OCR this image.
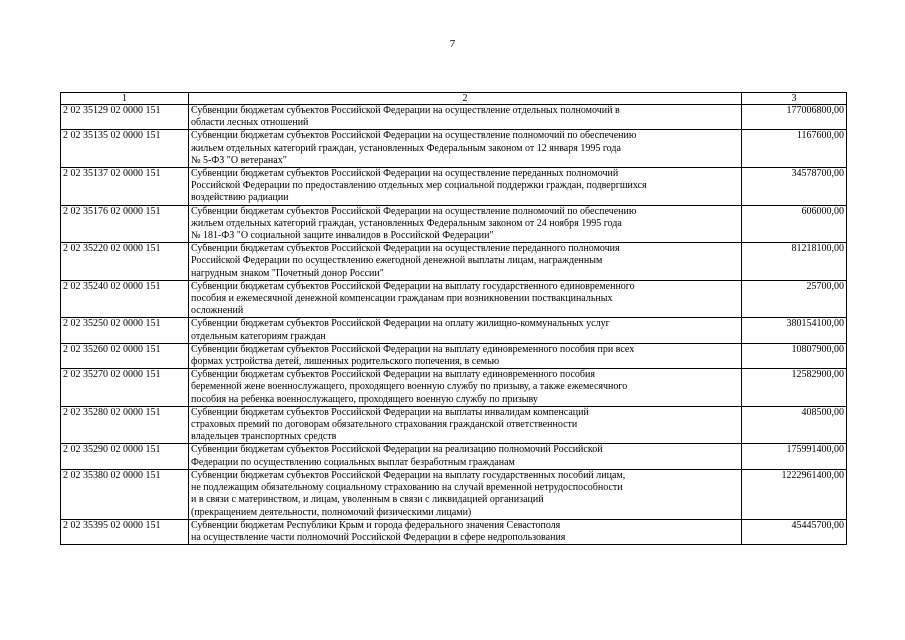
7
1	2	3
2 02 35129 02 0000 151	Субвенции бюджетам субъектов Российской Федерации на осуществление отдельных полномочий в
области лесных отношений	177006800,00
2 02 35135 02 0000 151	Субвенции бюджетам субъектов Российской Федерации на осуществление полномочий по обеспечению
жильем отдельных категорий граждан, установленных Федеральным законом от 12 января 1995 года
№ 5-ФЗ "О ветеранах"	1167600,00
2 02 35137 02 0000 151	Субвенции бюджетам субъектов Российской Федерации на осуществление переданных полномочий
Российской Федерации по предоставлению отдельных мер социальной поддержки граждан, подвергшихся
воздействию радиации	34578700,00
2 02 35176 02 0000 151	Субвенции бюджетам субъектов Российской Федерации на осуществление полномочий по обеспечению
жильем отдельных категорий граждан, установленных Федеральным законом от 24 ноября 1995 года
№ 181-ФЗ "О социальной защите инвалидов в Российской Федерации"	606000,00
2 02 35220 02 0000 151	Субвенции бюджетам субъектов Российской Федерации на осуществление переданного полномочия
Российской Федерации по осуществлению ежегодной денежной выплаты лицам, награжденным
нагрудным знаком "Почетный донор России"	81218100,00
2 02 35240 02 0000 151	Субвенции бюджетам субъектов Российской Федерации на выплату государственного единовременного
пособия и ежемесячной денежной компенсации гражданам при возникновении поствакцинальных
осложнений	25700,00
2 02 35250 02 0000 151	Субвенции бюджетам субъектов Российской Федерации на оплату жилищно-коммунальных услуг
отдельным категориям граждан	380154100,00
2 02 35260 02 0000 151	Субвенции бюджетам субъектов Российской Федерации на выплату единовременного пособия при всех
формах устройства детей, лишенных родительского попечения, в семью	10807900,00
2 02 35270 02 0000 151	Субвенции бюджетам субъектов Российской Федерации на выплату единовременного пособия
беременной жене военнослужащего, проходящего военную службу по призыву, а также ежемесячного
пособия на ребенка военнослужащего, проходящего военную службу по призыву	12582900,00
2 02 35280 02 0000 151	Субвенции бюджетам субъектов Российской Федерации на выплаты инвалидам компенсаций
страховых премий по договорам обязательного страхования гражданской ответственности
владельцев транспортных средств	408500,00
2 02 35290 02 0000 151	Субвенции бюджетам субъектов Российской Федерации на реализацию полномочий Российской
Федерации по осуществлению социальных выплат безработным гражданам	175991400,00
2 02 35380 02 0000 151	Субвенции бюджетам субъектов Российской Федерации на выплату государственных пособий лицам,
не подлежащим обязательному социальному страхованию на случай временной нетрудоспособности
и в связи с материнством, и лицам, уволенным в связи с ликвидацией организаций
(прекращением деятельности, полномочий физическими лицами)	1222961400,00
2 02 35395 02 0000 151	Субвенции бюджетам Республики Крым и города федерального значения Севастополя
на осуществление части полномочий Российской Федерации в сфере недропользования	45445700,00
